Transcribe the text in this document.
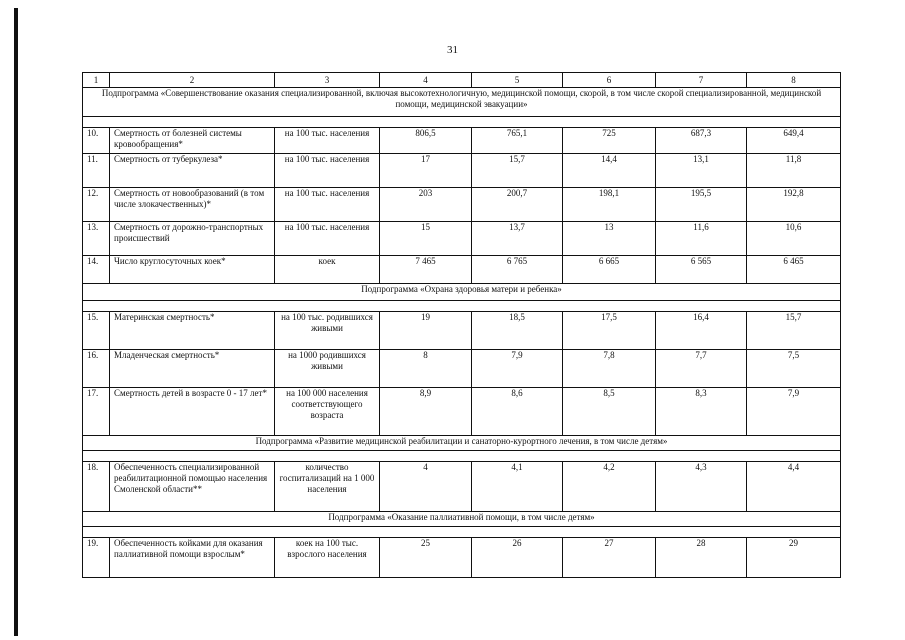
31
1	2	3	4	5	6	7	8
Подпрограмма «Совершенствование оказания специализированной, включая высокотехнологичную, медицинской помощи, скорой, в том числе скорой специализированной, медицинской помощи, медицинской эвакуации»							

10.	Смертность от болезней системы кровообращения*	на 100 тыс. населения	806,5	765,1	725	687,3	649,4
11.	Смертность от туберкулеза*	на 100 тыс. населения	17	15,7	14,4	13,1	11,8
12.	Смертность от новообразований (в том числе злокачественных)*	на 100 тыс. населения	203	200,7	198,1	195,5	192,8
13.	Смертность от дорожно-транспортных происшествий	на 100 тыс. населения	15	13,7	13	11,6	10,6
14.	Число круглосуточных коек*	коек	7 465	6 765	6 665	6 565	6 465
Подпрограмма «Охрана здоровья матери и ребенка»							

15.	Материнская смертность*	на 100 тыс. родившихся живыми	19	18,5	17,5	16,4	15,7
16.	Младенческая смертность*	на 1000 родившихся живыми	8	7,9	7,8	7,7	7,5
17.	Смертность детей в возрасте 0 - 17 лет*	на 100 000 населения соответствующего возраста	8,9	8,6	8,5	8,3	7,9
Подпрограмма «Развитие медицинской реабилитации и санаторно-курортного лечения, в том числе детям»							

18.	Обеспеченность специализированной реабилитационной помощью населения Смоленской области**	количество госпитализаций на 1 000 населения	4	4,1	4,2	4,3	4,4
Подпрограмма «Оказание паллиативной помощи, в том числе детям»							

19.	Обеспеченность койками для оказания паллиативной помощи взрослым*	коек на 100 тыс. взрослого населения	25	26	27	28	29
